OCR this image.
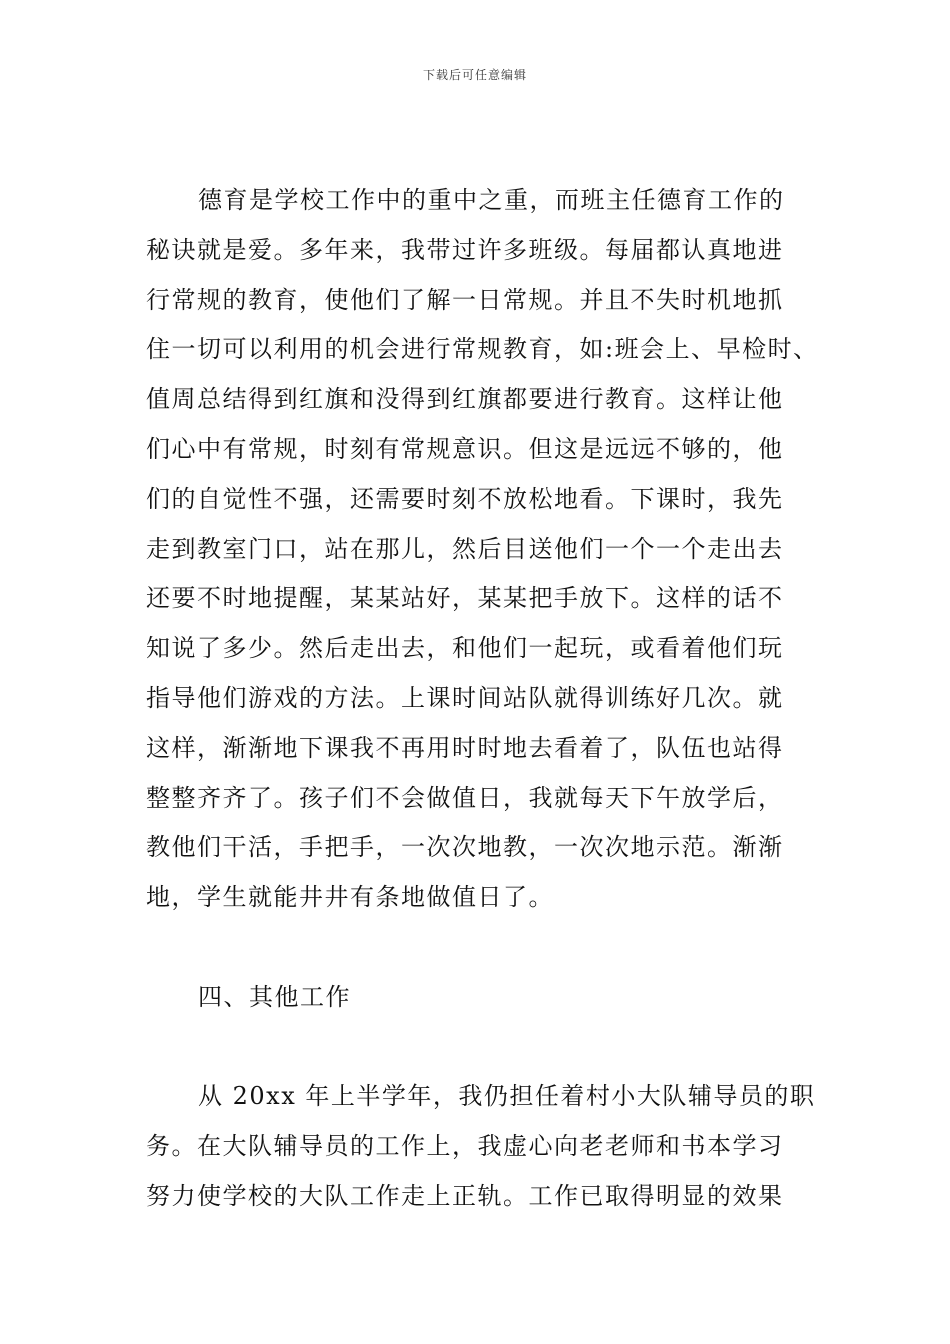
下载后可任意编辑
德育是学校工作中的重中之重，而班主任德育工作的
秘诀就是爱。多年来，我带过许多班级。每届都认真地进
行常规的教育，使他们了解一日常规。并且不失时机地抓
住一切可以利用的机会进行常规教育，如:班会上、早检时、
值周总结得到红旗和没得到红旗都要进行教育。这样让他
们心中有常规，时刻有常规意识。但这是远远不够的，他
们的自觉性不强，还需要时刻不放松地看。下课时，我先
走到教室门口，站在那儿，然后目送他们一个一个走出去
还要不时地提醒，某某站好，某某把手放下。这样的话不
知说了多少。然后走出去，和他们一起玩，或看着他们玩
指导他们游戏的方法。上课时间站队就得训练好几次。就
这样，渐渐地下课我不再用时时地去看着了，队伍也站得
整整齐齐了。孩子们不会做值日，我就每天下午放学后，
教他们干活，手把手，一次次地教，一次次地示范。渐渐
地，学生就能井井有条地做值日了。
四、其他工作
从 20xx 年上半学年，我仍担任着村小大队辅导员的职
务。在大队辅导员的工作上，我虚心向老老师和书本学习
努力使学校的大队工作走上正轨。工作已取得明显的效果
